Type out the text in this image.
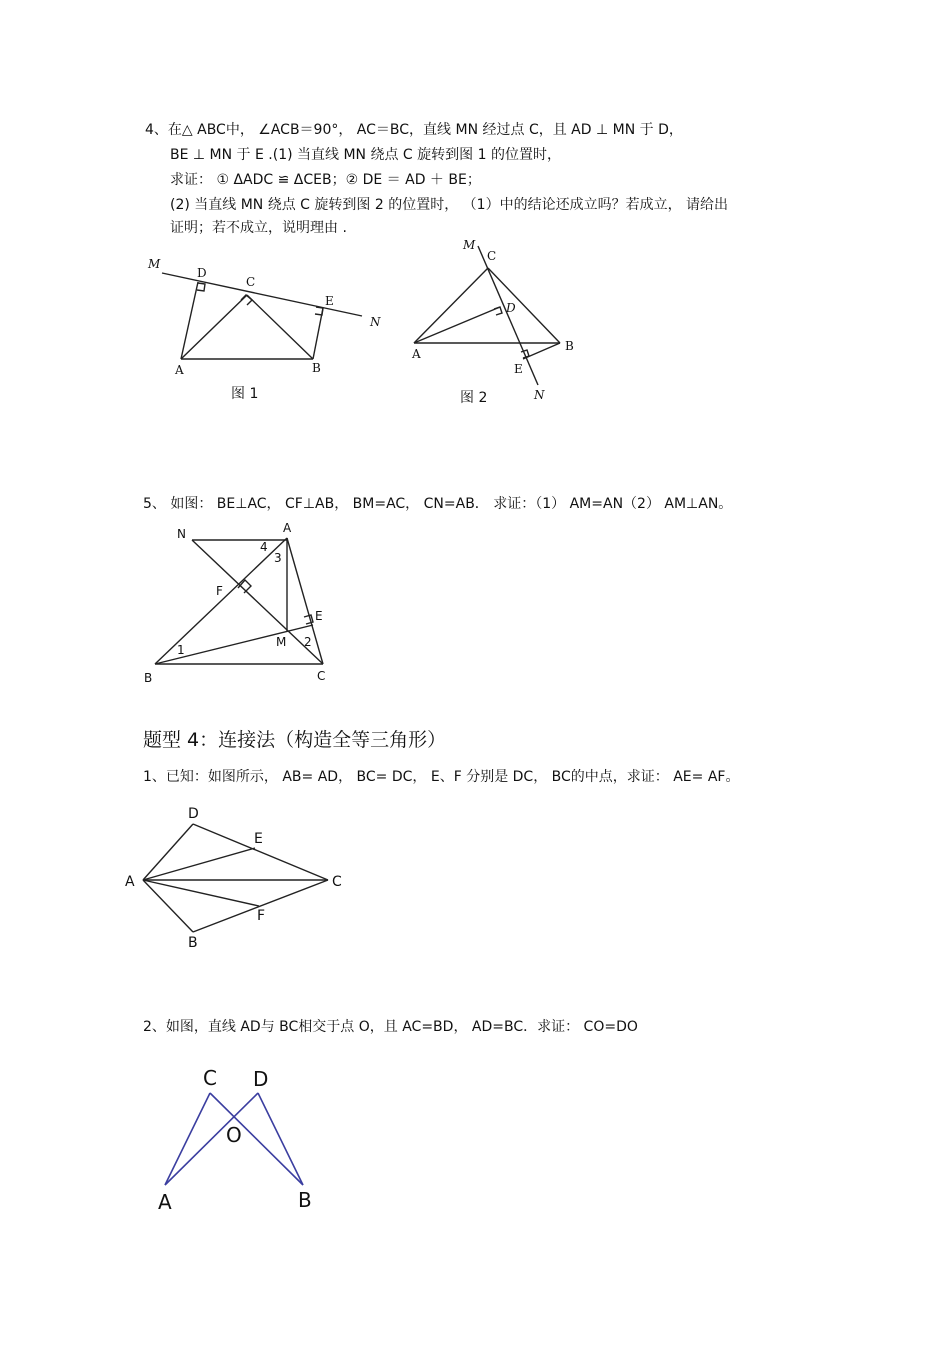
4、在△ ABC中， ∠ACB＝90°， AC＝BC，直线 MN 经过点 C，且 AD ⊥ MN 于 D，
BE ⊥ MN 于 E .(1) 当直线 MN 绕点 C 旋转到图 1 的位置时，
求证： ① ΔADC ≌ ΔCEB；② DE ＝ AD ＋ BE；
(2) 当直线 MN 绕点 C 旋转到图 2 的位置时， （1）中的结论还成立吗？若成立， 请给出
证明；若不成立，说明理由 .
M
D
C
E
N
A	B
图 1
M
C
D
A
B
E
N
图 2
5、 如图： BE⊥AC， CF⊥AB， BM=AC， CN=AB． 求证：（1） AM=AN（2） AM⊥AN。
N	A
4
3
F
E
M 2
1
B	C
题型 4：连接法（构造全等三角形）
1、已知：如图所示， AB= AD， BC= DC， E、F 分别是 DC， BC的中点，求证： AE= AF。
D
E
A	C
F
B
2、如图，直线 AD与 BC相交于点 O，且 AC=BD， AD=BC．求证： CO=DO
C D
O
A	B
